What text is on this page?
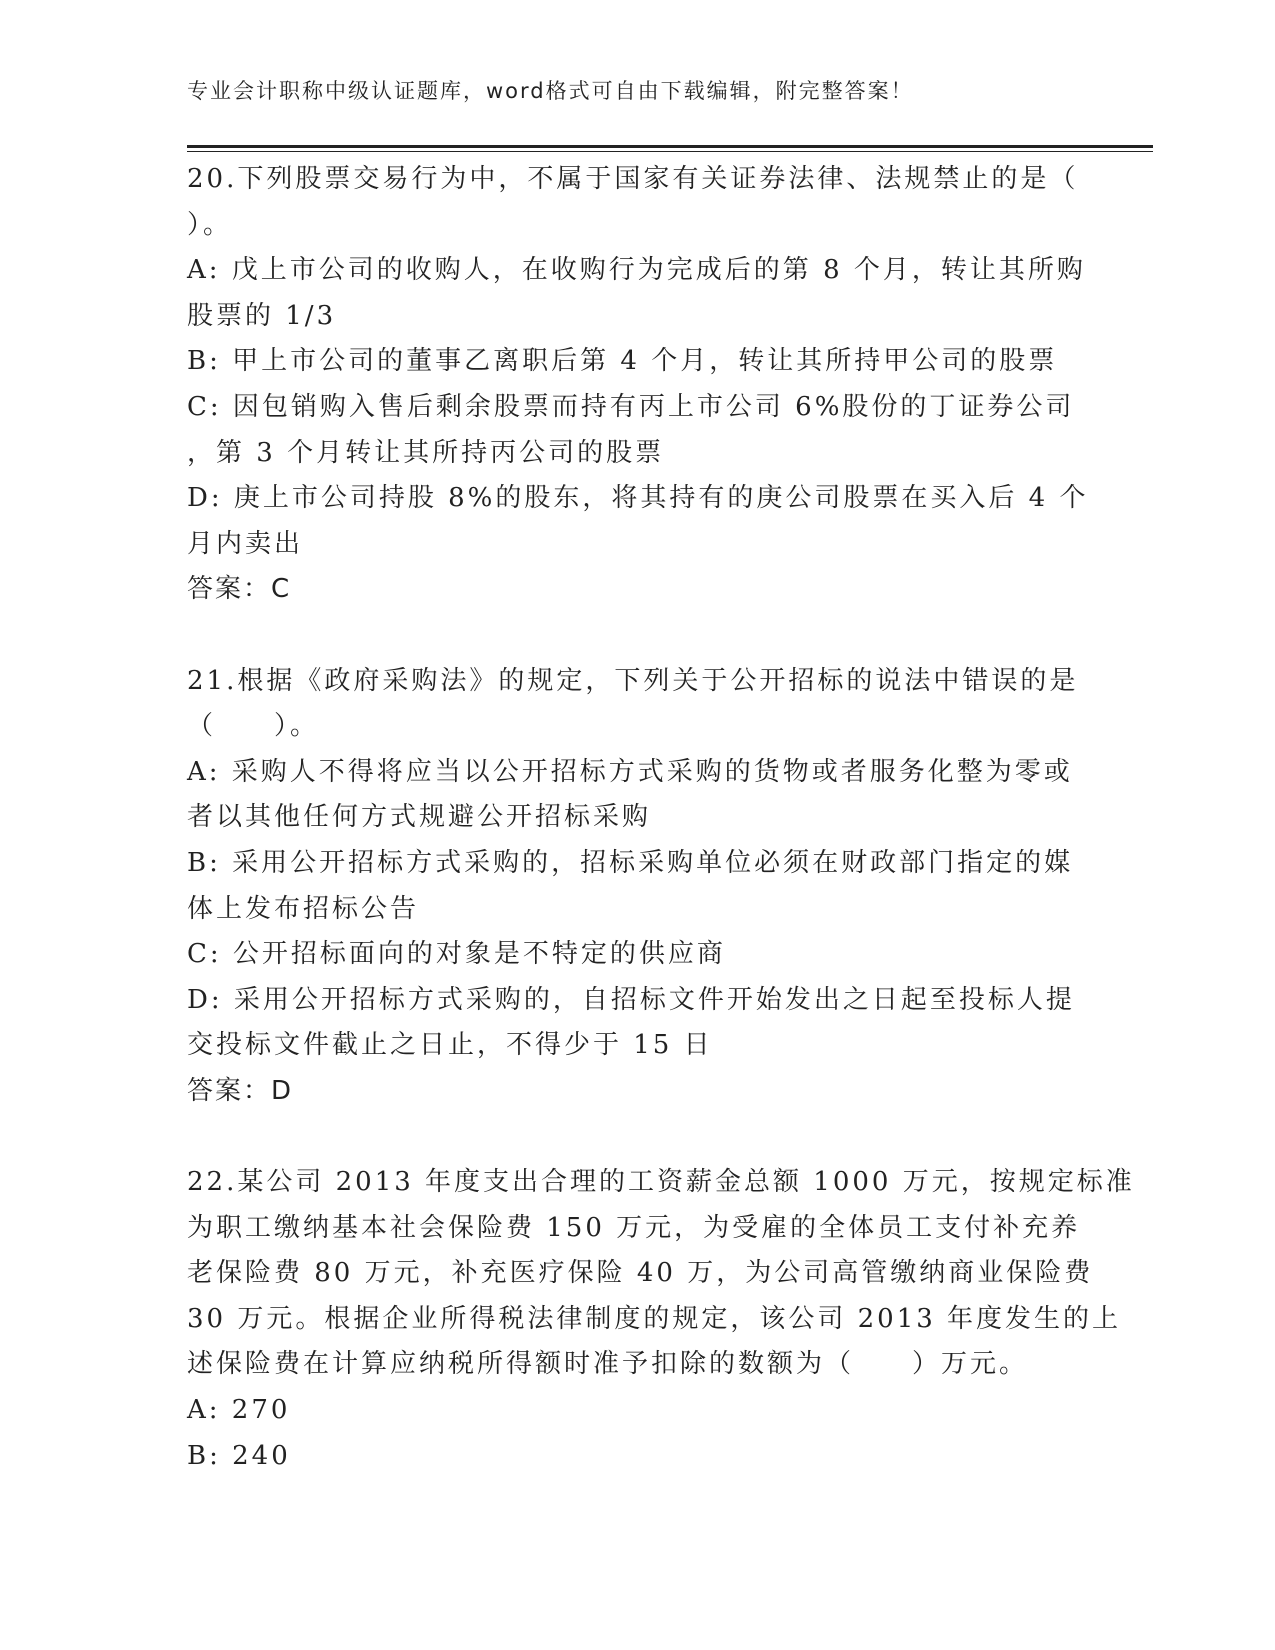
专业会计职称中级认证题库，word格式可自由下载编辑，附完整答案！
20.下列股票交易行为中，不属于国家有关证券法律、法规禁止的是（
）。
A: 戊上市公司的收购人，在收购行为完成后的第 8 个月，转让其所购
股票的 1/3
B: 甲上市公司的董事乙离职后第 4 个月，转让其所持甲公司的股票
C: 因包销购入售后剩余股票而持有丙上市公司 6%股份的丁证券公司
，第 3 个月转让其所持丙公司的股票
D: 庚上市公司持股 8%的股东，将其持有的庚公司股票在买入后 4 个
月内卖出
答案：C
21.根据《政府采购法》的规定，下列关于公开招标的说法中错误的是
（　　）。
A: 采购人不得将应当以公开招标方式采购的货物或者服务化整为零或
者以其他任何方式规避公开招标采购
B: 采用公开招标方式采购的，招标采购单位必须在财政部门指定的媒
体上发布招标公告
C: 公开招标面向的对象是不特定的供应商
D: 采用公开招标方式采购的，自招标文件开始发出之日起至投标人提
交投标文件截止之日止，不得少于 15 日
答案：D
22.某公司 2013 年度支出合理的工资薪金总额 1000 万元，按规定标准
为职工缴纳基本社会保险费 150 万元，为受雇的全体员工支付补充养
老保险费 80 万元，补充医疗保险 40 万，为公司高管缴纳商业保险费
30 万元。根据企业所得税法律制度的规定，该公司 2013 年度发生的上
述保险费在计算应纳税所得额时准予扣除的数额为（　　）万元。
A: 270
B: 240
